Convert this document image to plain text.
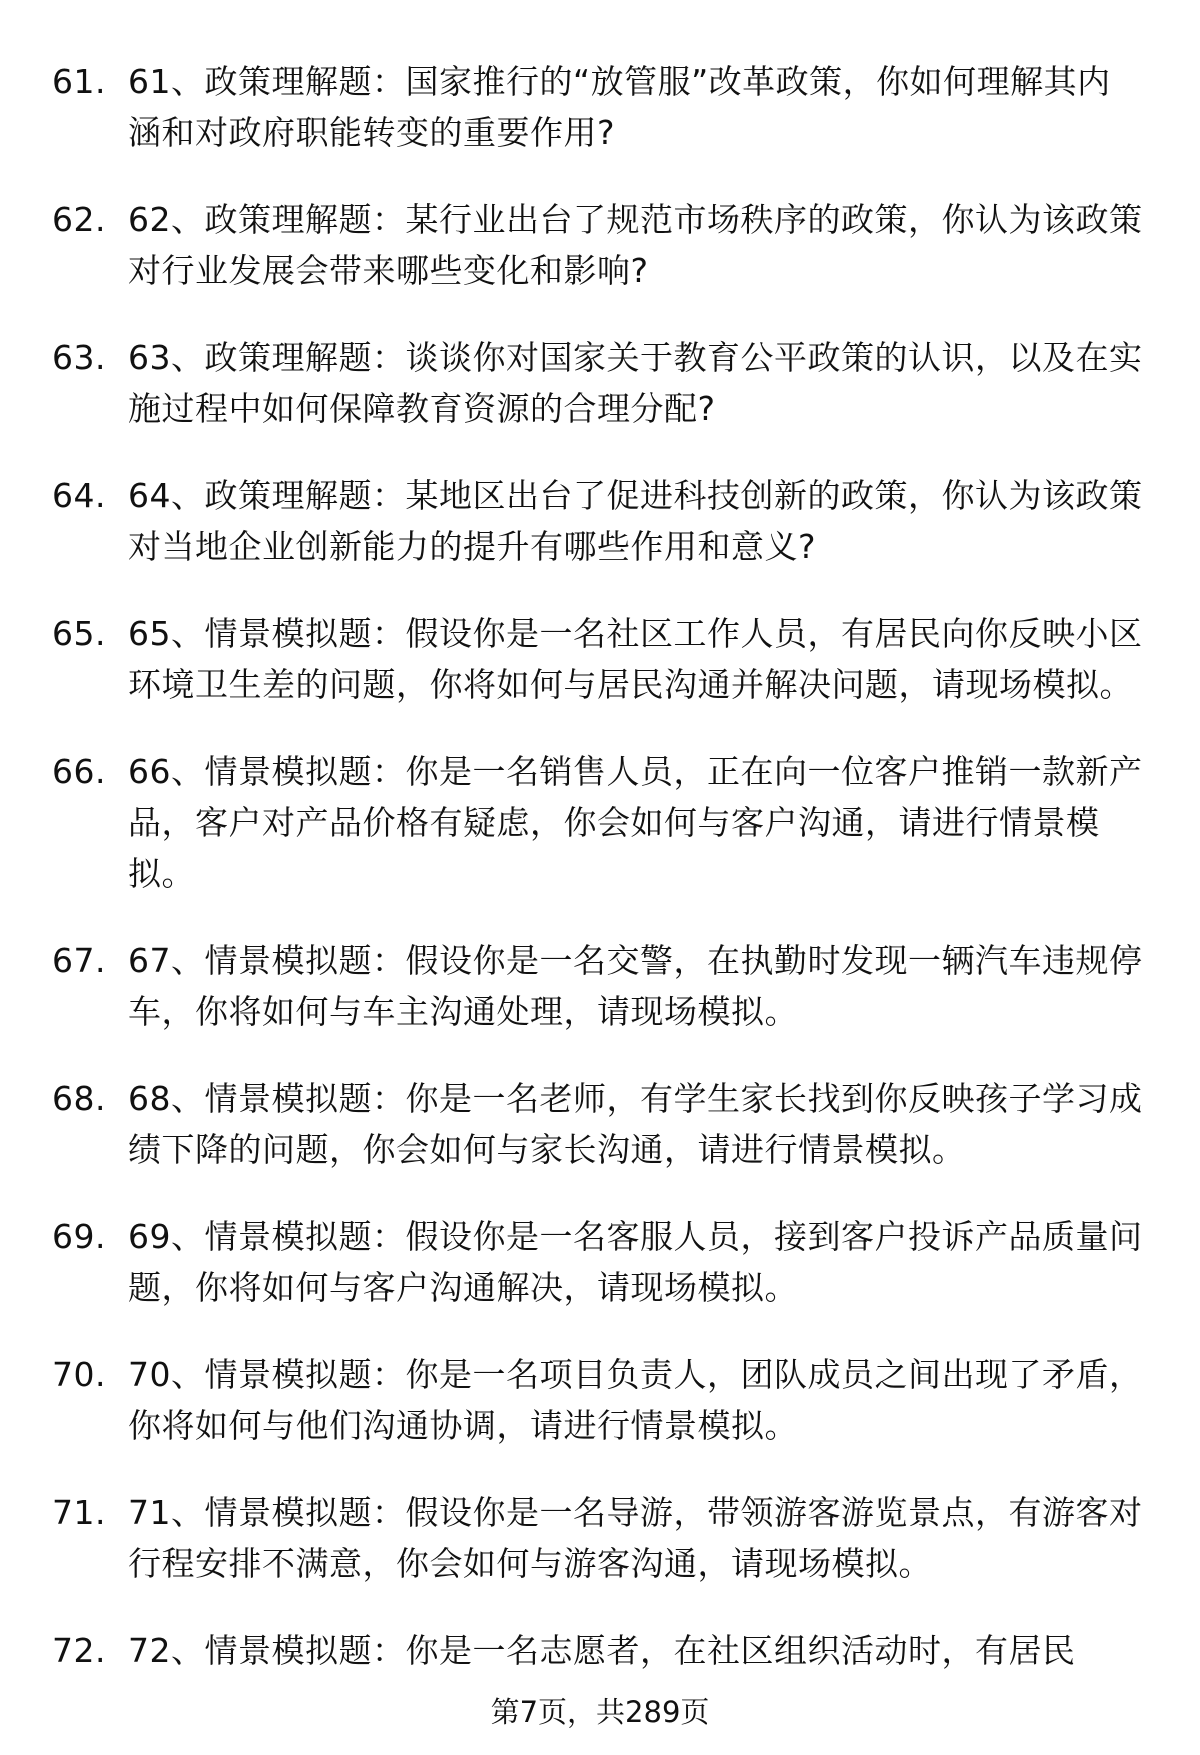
61. 61、政策理解题：国家推行的“放管服”改革政策，你如何理解其内涵和对政府职能转变的重要作用?
62. 62、政策理解题：某行业出台了规范市场秩序的政策，你认为该政策对行业发展会带来哪些变化和影响?
63. 63、政策理解题：谈谈你对国家关于教育公平政策的认识，以及在实施过程中如何保障教育资源的合理分配?
64. 64、政策理解题：某地区出台了促进科技创新的政策，你认为该政策对当地企业创新能力的提升有哪些作用和意义?
65. 65、情景模拟题：假设你是一名社区工作人员，有居民向你反映小区环境卫生差的问题，你将如何与居民沟通并解决问题，请现场模拟。
66. 66、情景模拟题：你是一名销售人员，正在向一位客户推销一款新产品，客户对产品价格有疑虑，你会如何与客户沟通，请进行情景模拟。
67. 67、情景模拟题：假设你是一名交警，在执勤时发现一辆汽车违规停车，你将如何与车主沟通处理，请现场模拟。
68. 68、情景模拟题：你是一名老师，有学生家长找到你反映孩子学习成绩下降的问题，你会如何与家长沟通，请进行情景模拟。
69. 69、情景模拟题：假设你是一名客服人员，接到客户投诉产品质量问题，你将如何与客户沟通解决，请现场模拟。
70. 70、情景模拟题：你是一名项目负责人，团队成员之间出现了矛盾，你将如何与他们沟通协调，请进行情景模拟。
71. 71、情景模拟题：假设你是一名导游，带领游客游览景点，有游客对行程安排不满意，你会如何与游客沟通，请现场模拟。
72. 72、情景模拟题：你是一名志愿者，在社区组织活动时，有居民
第7页，共289页
